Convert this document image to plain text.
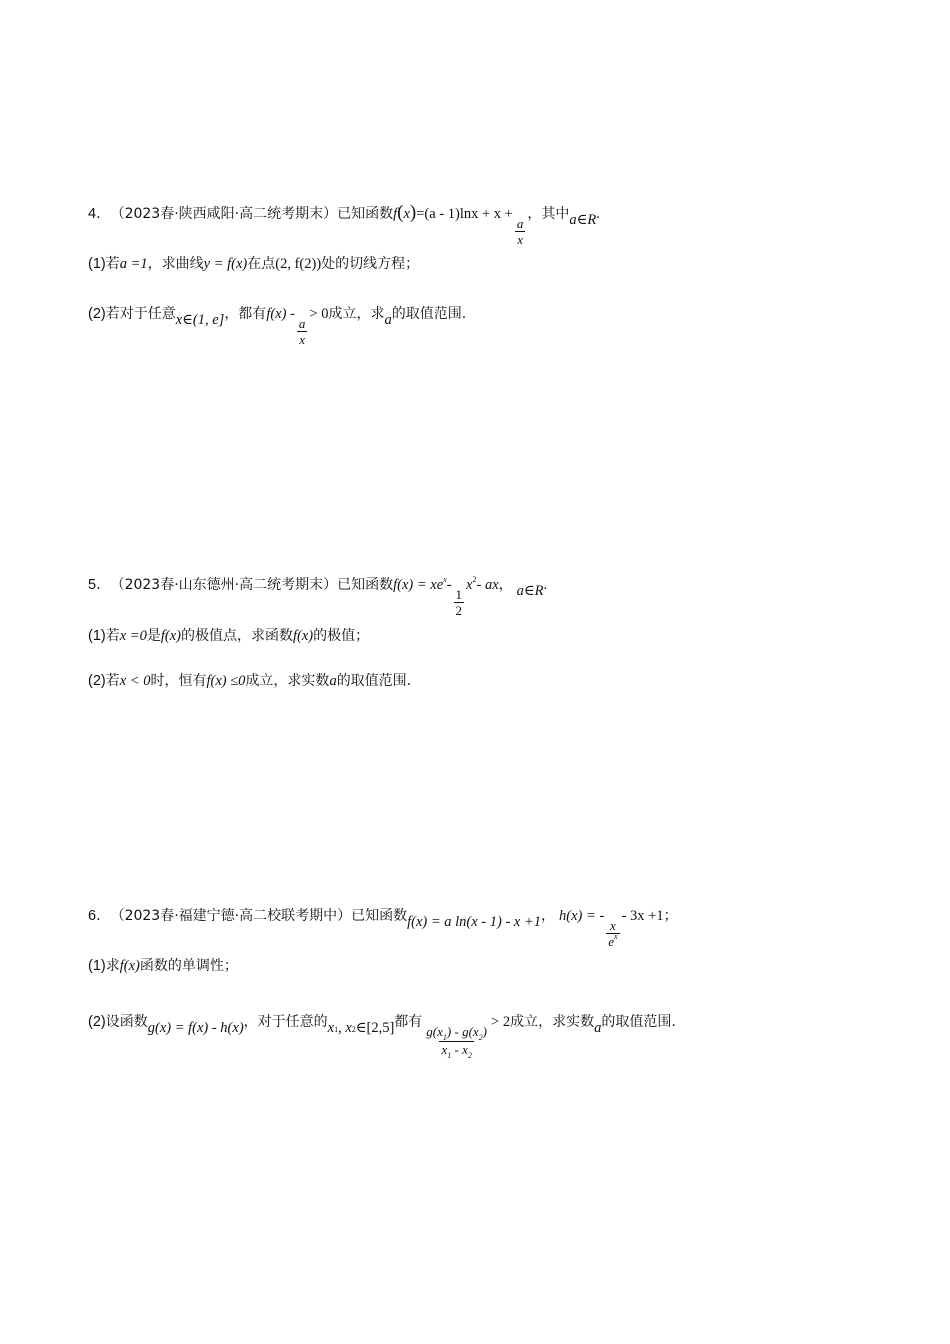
4． （2023春·陕西咸阳·高二统考期末） 已知函数 f ( x ) =(a - 1)lnx + x +
$\frac{a}{x}$
，其中 a∈R .
(1) 若 a =1 ，求曲线 y = f(x) 在点 (2, f(2)) 处的切线方程；
(2) 若对于任意 x∈(1, e] ，都有 f(x) -
$\frac{a}{x}$
> 0 成立，求 a 的取值范围.
5． （2023春·山东德州·高二统考期末） 已知函数 f(x) = xe x -
$\frac{1}{2}$
x 2 - ax ， a∈R .
(1) 若 x =0 是 f(x) 的极值点，求函数 f(x) 的极值；
(2) 若 x < 0 时，恒有 f(x) ≤0 成立，求实数 a 的取值范围.
6． （2023春·福建宁德·高二校联考期中） 已知函数 f(x) = a ln(x - 1) - x +1 ， h(x) = -
$\frac{x}{e^x}$
- 3x +1 ；
(1) 求 f(x) 函数的单调性；
(2) 设函数 g(x) = f(x) - h(x) ，对于任意的 x 1 , x 2 ∈[2,5] 都有
$\frac{g(x_1) - g(x_2)}{x_1 - x_2}$
> 2 成立，求实数 a 的取值范围.
